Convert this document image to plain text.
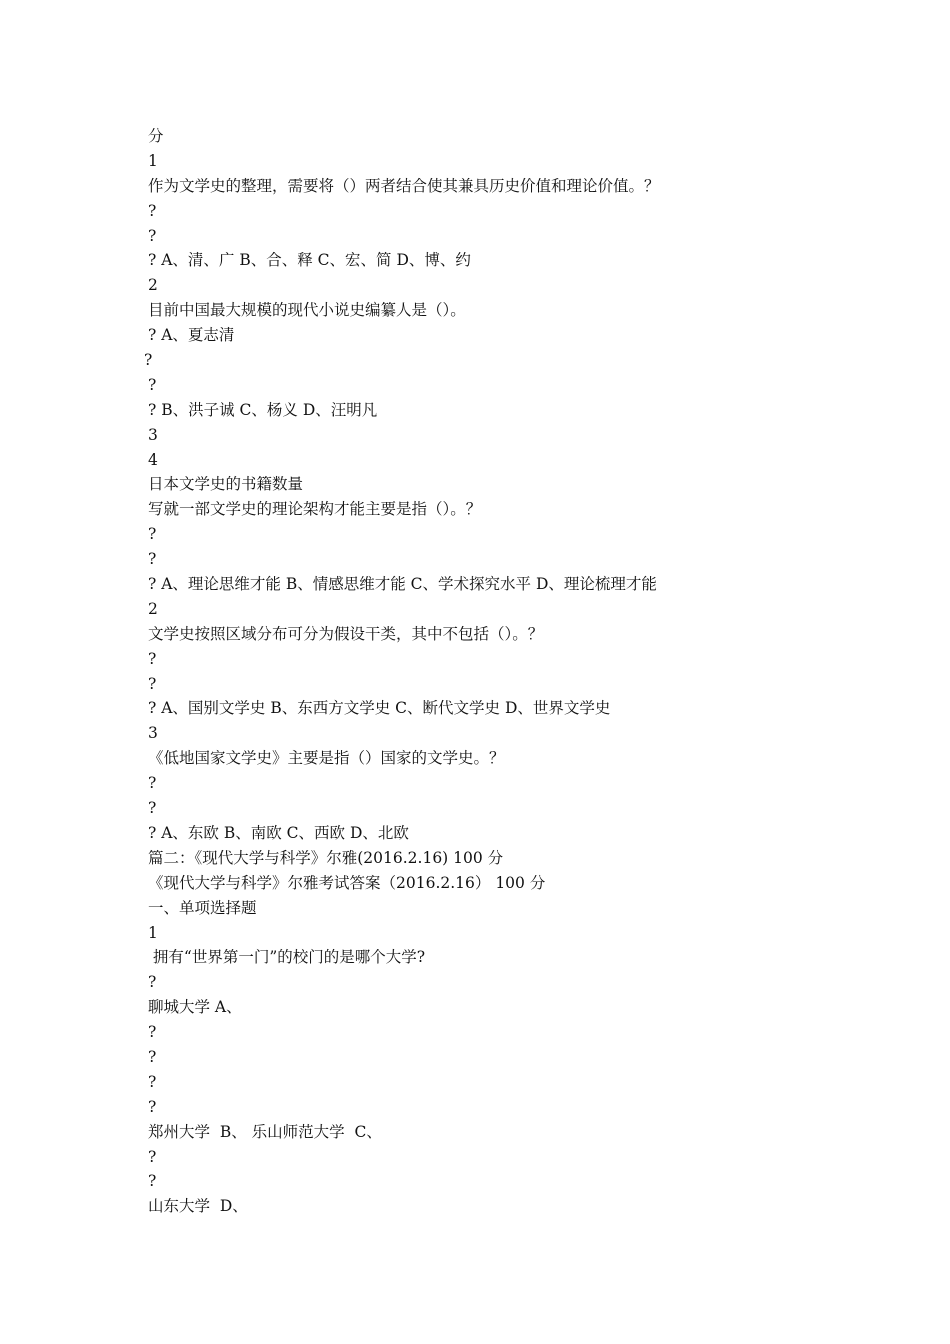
分
1
作为文学史的整理，需要将（）两者结合使其兼具历史价值和理论价值。？
?
?
? A、清、广 B、合、释 C、宏、简 D、博、约
2
目前中国最大规模的现代小说史编纂人是（）。
? A、夏志清
?
?
? B、洪子诚 C、杨义 D、汪明凡
3
4
日本文学史的书籍数量
写就一部文学史的理论架构才能主要是指（）。？
?
?
? A、理论思维才能 B、情感思维才能 C、学术探究水平 D、理论梳理才能
2
文学史按照区域分布可分为假设干类，其中不包括（）。？
?
?
? A、国别文学史 B、东西方文学史 C、断代文学史 D、世界文学史
3
《低地国家文学史》主要是指（）国家的文学史。？
?
?
? A、东欧 B、南欧 C、西欧 D、北欧
篇二：《现代大学与科学》尔雅(2016.2.16) 100 分
《现代大学与科学》尔雅考试答案（2016.2.16） 100 分
一、单项选择题
1
拥有“世界第一门”的校门的是哪个大学?
?
聊城大学 A、
?
?
?
?
郑州大学  B、 乐山师范大学  C、
?
?
山东大学  D、
